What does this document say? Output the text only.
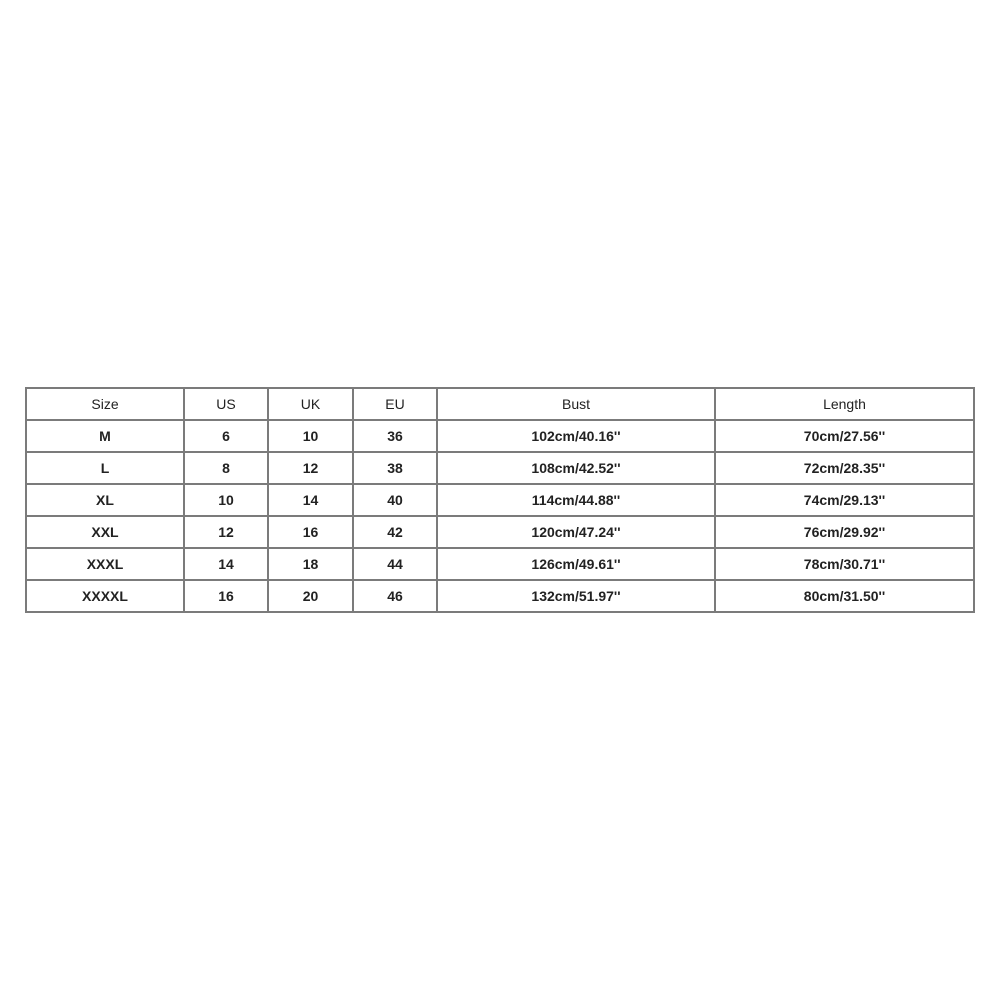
Size	US	UK	EU	Bust	Length
M	6	10	36	102cm/40.16''	70cm/27.56''
L	8	12	38	108cm/42.52''	72cm/28.35''
XL	10	14	40	114cm/44.88''	74cm/29.13''
XXL	12	16	42	120cm/47.24''	76cm/29.92''
XXXL	14	18	44	126cm/49.61''	78cm/30.71''
XXXXL	16	20	46	132cm/51.97''	80cm/31.50''
